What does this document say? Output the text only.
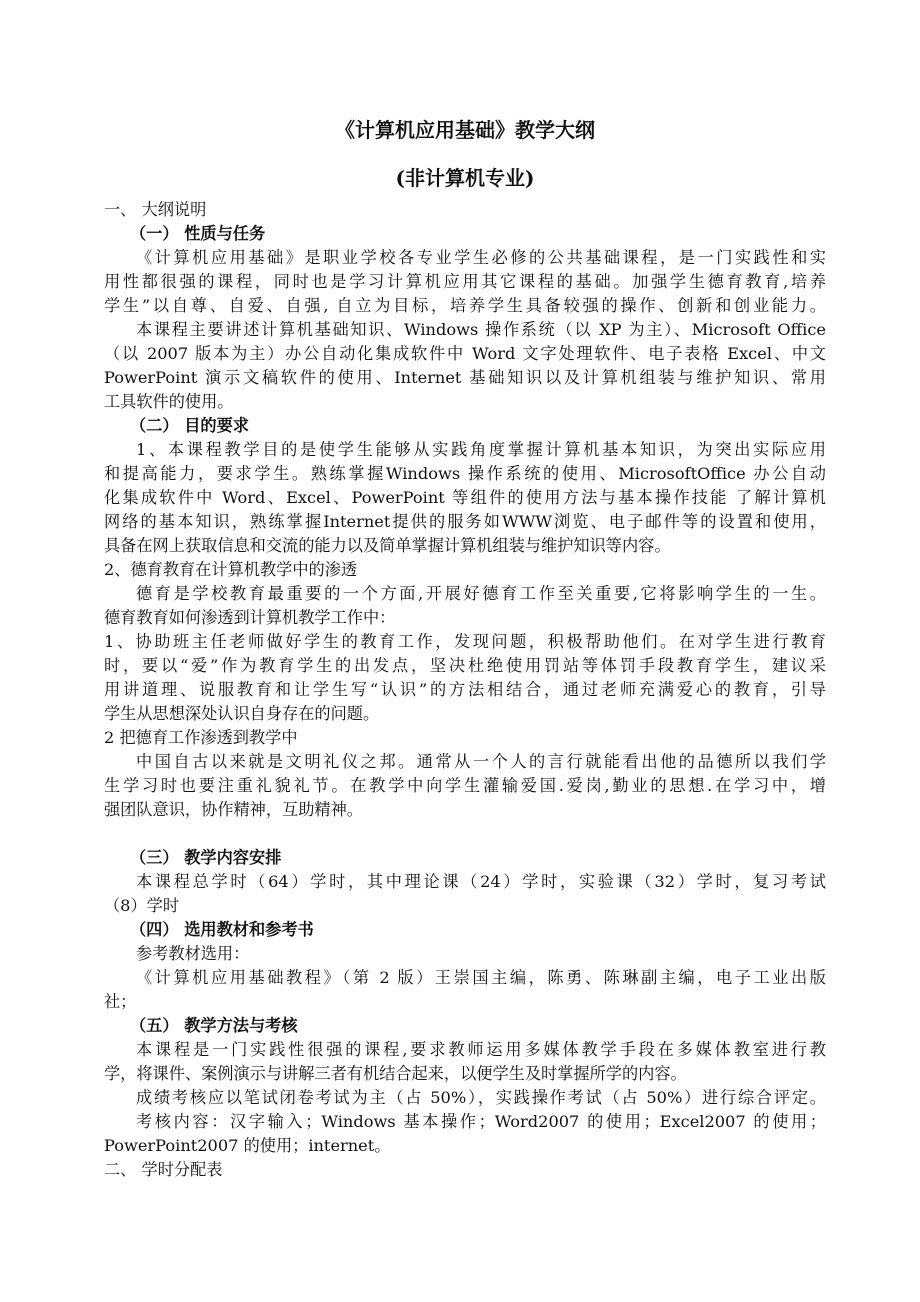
《计算机应用基础》教学大纲
(非计算机专业)
一、 大纲说明
（一） 性质与任务
《计算机应用基础》是职业学校各专业学生必修的公共基础课程，是一门实践性和实
用性都很强的课程，同时也是学习计算机应用其它课程的基础。加强学生德育教育,培养
学生”以自尊、自爱、自强, 自立为目标，培养学生具备较强的操作、创新和创业能力。
本课程主要讲述计算机基础知识、Windows 操作系统（以 XP 为主）、Microsoft Office
（以 2007 版本为主）办公自动化集成软件中 Word 文字处理软件、电子表格 Excel、中文
PowerPoint 演示文稿软件的使用、Internet 基础知识以及计算机组装与维护知识、常用
工具软件的使用。
（二） 目的要求
1、本课程教学目的是使学生能够从实践角度掌握计算机基本知识，为突出实际应用
和提高能力，要求学生。熟练掌握Windows 操作系统的使用、MicrosoftOffice 办公自动
化集成软件中 Word、Excel、PowerPoint 等组件的使用方法与基本操作技能 了解计算机
网络的基本知识，熟练掌握Internet提供的服务如WWW浏览、电子邮件等的设置和使用，
具备在网上获取信息和交流的能力以及简单掌握计算机组装与维护知识等内容。
2、德育教育在计算机教学中的渗透
德育是学校教育最重要的一个方面,开展好德育工作至关重要,它将影响学生的一生。
德育教育如何渗透到计算机教学工作中：
1、协助班主任老师做好学生的教育工作，发现问题，积极帮助他们。在对学生进行教育
时，要以“爱”作为教育学生的出发点，坚决杜绝使用罚站等体罚手段教育学生，建议采
用讲道理、说服教育和让学生写“认识”的方法相结合，通过老师充满爱心的教育，引导
学生从思想深处认识自身存在的问题。
2 把德育工作渗透到教学中
中国自古以来就是文明礼仪之邦。通常从一个人的言行就能看出他的品德所以我们学
生学习时也要注重礼貌礼节。在教学中向学生灌输爱国.爱岗,勤业的思想.在学习中，增
强团队意识，协作精神，互助精神。
（三） 教学内容安排
本课程总学时（64）学时，其中理论课（24）学时，实验课（32）学时，复习考试
（8）学时
（四） 选用教材和参考书
参考教材选用：
《计算机应用基础教程》（第 2 版）王崇国主编，陈勇、陈琳副主编，电子工业出版
社；
（五） 教学方法与考核
本课程是一门实践性很强的课程,要求教师运用多媒体教学手段在多媒体教室进行教
学，将课件、案例演示与讲解三者有机结合起来，以便学生及时掌握所学的内容。
成绩考核应以笔试闭卷考试为主（占 50%），实践操作考试（占 50%）进行综合评定。
考核内容：汉字输入；Windows 基本操作；Word2007 的使用；Excel2007 的使用；
PowerPoint2007 的使用；internet。
二、 学时分配表
